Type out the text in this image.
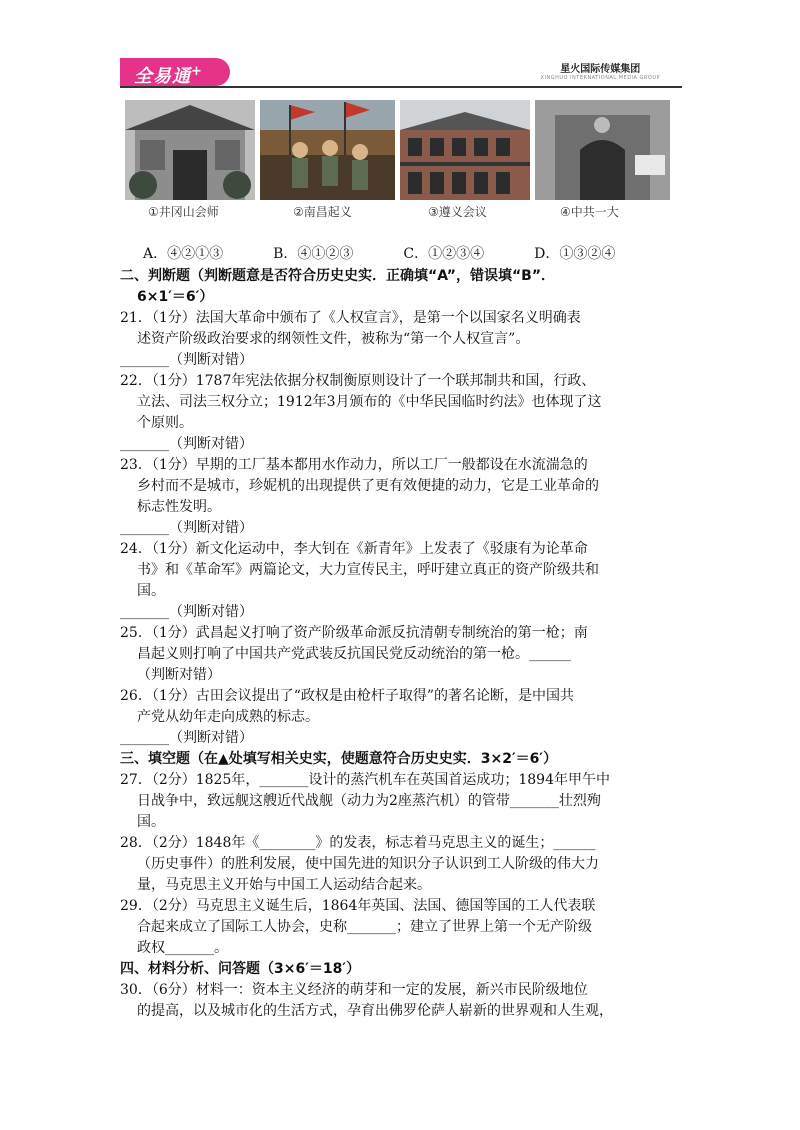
全易通+	星火国际传媒集团
XINGHUO INTERNATIONAL MEDIA GROUP
①井冈山会师	②南昌起义	③遵义会议	④中共一大
A．④②①③	B．④①②③	C．①②③④	D．①③②④
二、判断题（判断题意是否符合历史史实．正确填“A”，错误填“B”．
6×1′＝6′）
21．（1分）法国大革命中颁布了《人权宣言》，是第一个以国家名义明确表
述资产阶级政治要求的纲领性文件，被称为“第一个人权宣言”。
_______（判断对错）
22．（1分）1787年宪法依据分权制衡原则设计了一个联邦制共和国，行政、
立法、司法三权分立；1912年3月颁布的《中华民国临时约法》也体现了这
个原则。
_______（判断对错）
23．（1分）早期的工厂基本都用水作动力，所以工厂一般都设在水流湍急的
乡村而不是城市，珍妮机的出现提供了更有效便捷的动力，它是工业革命的
标志性发明。
_______（判断对错）
24．（1分）新文化运动中，李大钊在《新青年》上发表了《驳康有为论革命
书》和《革命军》两篇论文，大力宣传民主，呼吁建立真正的资产阶级共和
国。
_______（判断对错）
25．（1分）武昌起义打响了资产阶级革命派反抗清朝专制统治的第一枪；南
昌起义则打响了中国共产党武装反抗国民党反动统治的第一枪。______
（判断对错）
26．（1分）古田会议提出了“政权是由枪杆子取得”的著名论断，是中国共
产党从幼年走向成熟的标志。
_______（判断对错）
三、填空题（在▲处填写相关史实，使题意符合历史史实．3×2′＝6′）
27．（2分）1825年，_______设计的蒸汽机车在英国首运成功；1894年甲午中
日战争中，致远舰这艘近代战舰（动力为2座蒸汽机）的管带_______壮烈殉
国。
28．（2分）1848年《________》的发表，标志着马克思主义的诞生；______
（历史事件）的胜利发展，使中国先进的知识分子认识到工人阶级的伟大力
量，马克思主义开始与中国工人运动结合起来。
29．（2分）马克思主义诞生后，1864年英国、法国、德国等国的工人代表联
合起来成立了国际工人协会，史称_______；建立了世界上第一个无产阶级
政权_______。
四、材料分析、问答题（3×6′＝18′）
30．（6分）材料一：资本主义经济的萌芽和一定的发展，新兴市民阶级地位
的提高，以及城市化的生活方式，孕育出佛罗伦萨人崭新的世界观和人生观，
